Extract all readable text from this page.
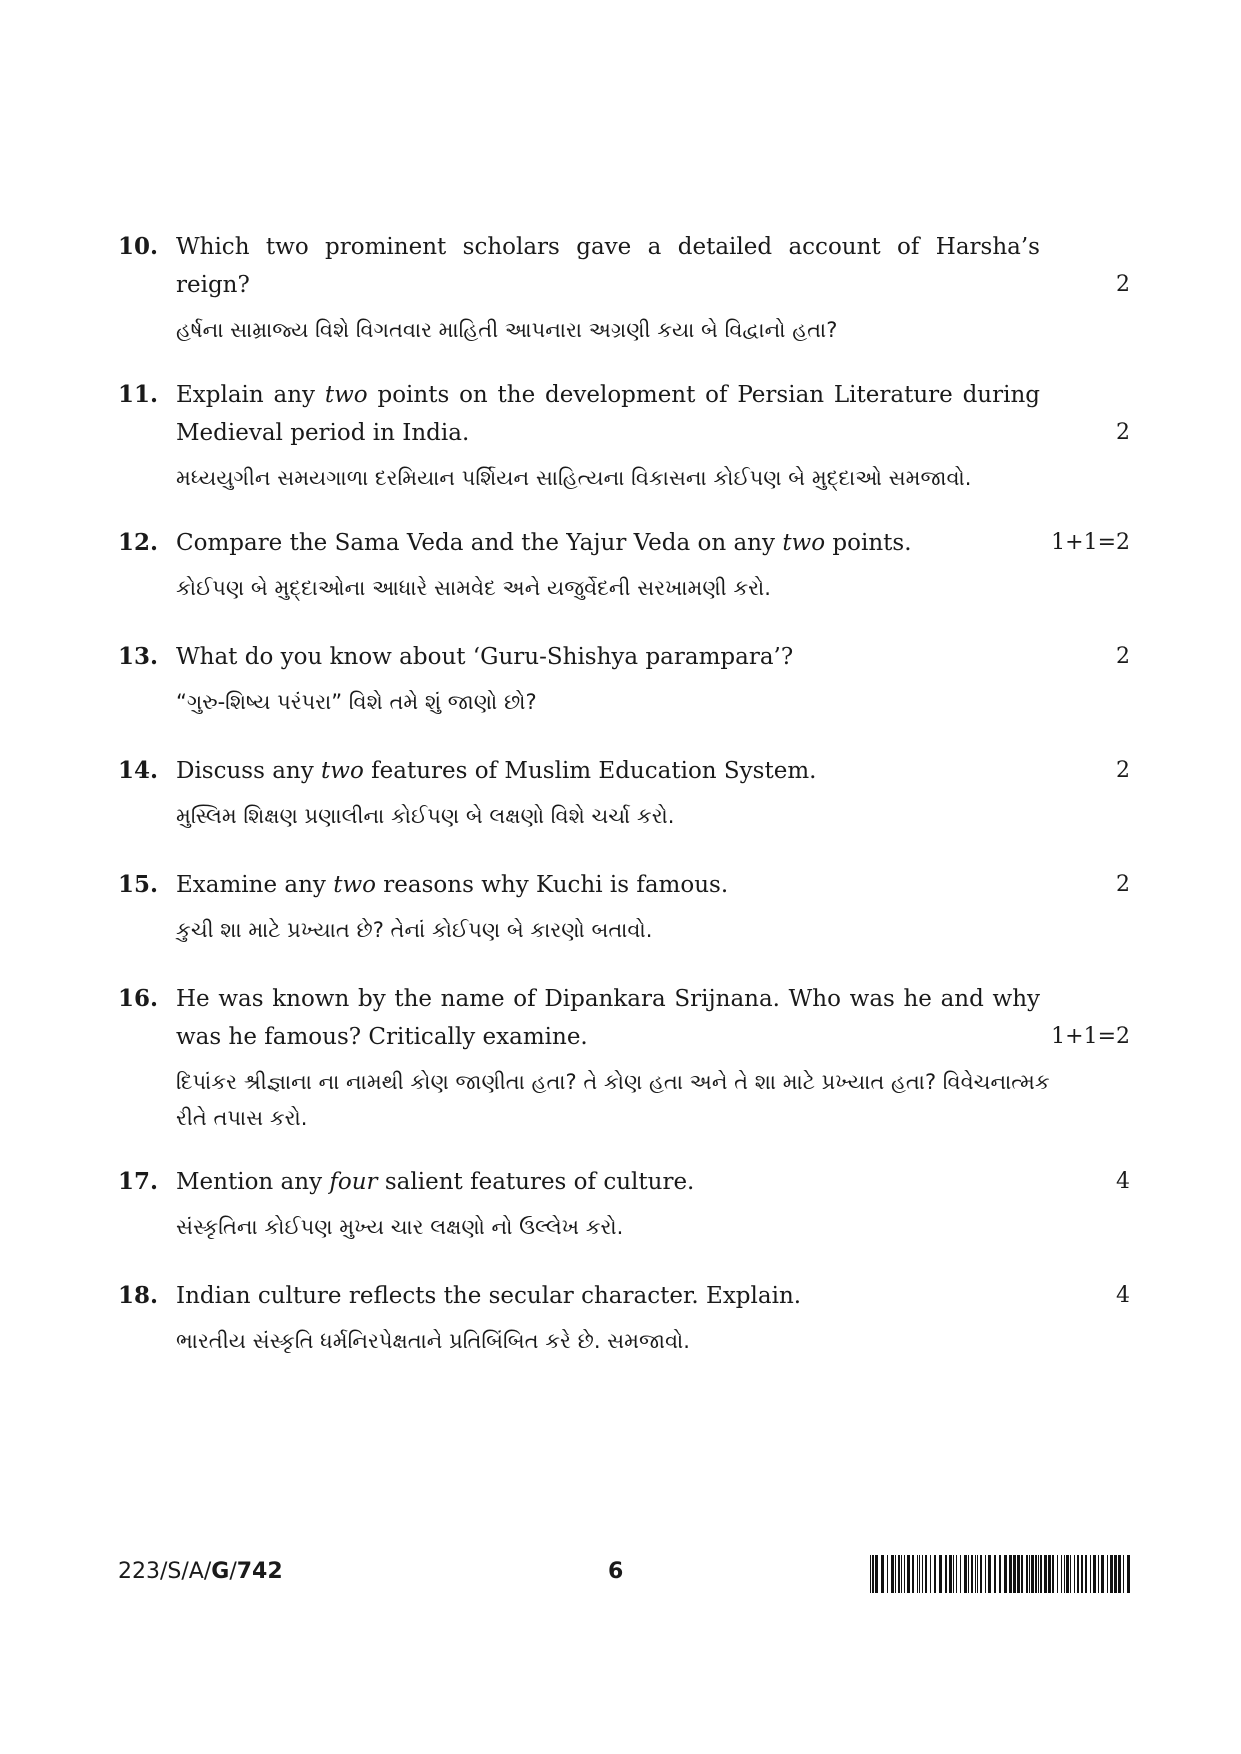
10. Which two prominent scholars gave a detailed account of Harsha’s
reign?	2
હર્ષના સામ્રાજ્ય વિશે વિગતવાર માહિતી આપનારા અગ્રણી કયા બે વિદ્વાનો હતા?
11. Explain any two points on the development of Persian Literature during
Medieval period in India.	2
મધ્યયુગીન સમયગાળા દરમિયાન પર્શિયન સાહિત્યના વિકાસના કોઈપણ બે મુદ્દાઓ સમજાવો.
12. Compare the Sama Veda and the Yajur Veda on any two points.	1+1=2
કોઈપણ બે મુદ્દાઓના આધારે સામવેદ અને યજુર્વેદની સરખામણી કરો.
13. What do you know about ‘Guru-Shishya parampara’?	2
“ગુરુ-શિષ્ય પરંપરા” વિશે તમે શું જાણો છો?
14. Discuss any two features of Muslim Education System.	2
મુસ્લિમ શિક્ષણ પ્રણાલીના કોઈપણ બે લક્ષણો વિશે ચર્ચા કરો.
15. Examine any two reasons why Kuchi is famous.	2
કુચી શા માટે પ્રખ્યાત છે? તેનાં કોઈપણ બે કારણો બતાવો.
16. He was known by the name of Dipankara Srijnana. Who was he and why
was he famous? Critically examine.	1+1=2
દિપાંકર શ્રીજ્ઞાના ના નામથી કોણ જાણીતા હતા? તે કોણ હતા અને તે શા માટે પ્રખ્યાત હતા? વિવેચનાત્મક રીતે તપાસ કરો.
17. Mention any four salient features of culture.	4
સંસ્કૃતિના કોઈપણ મુખ્ય ચાર લક્ષણો નો ઉલ્લેખ કરો.
18. Indian culture reflects the secular character. Explain.	4
ભારતીય સંસ્કૃતિ ધર્મનિરપેક્ષતાને પ્રતિબિંબિત કરે છે. સમજાવો.
223/S/A/G/742	6
